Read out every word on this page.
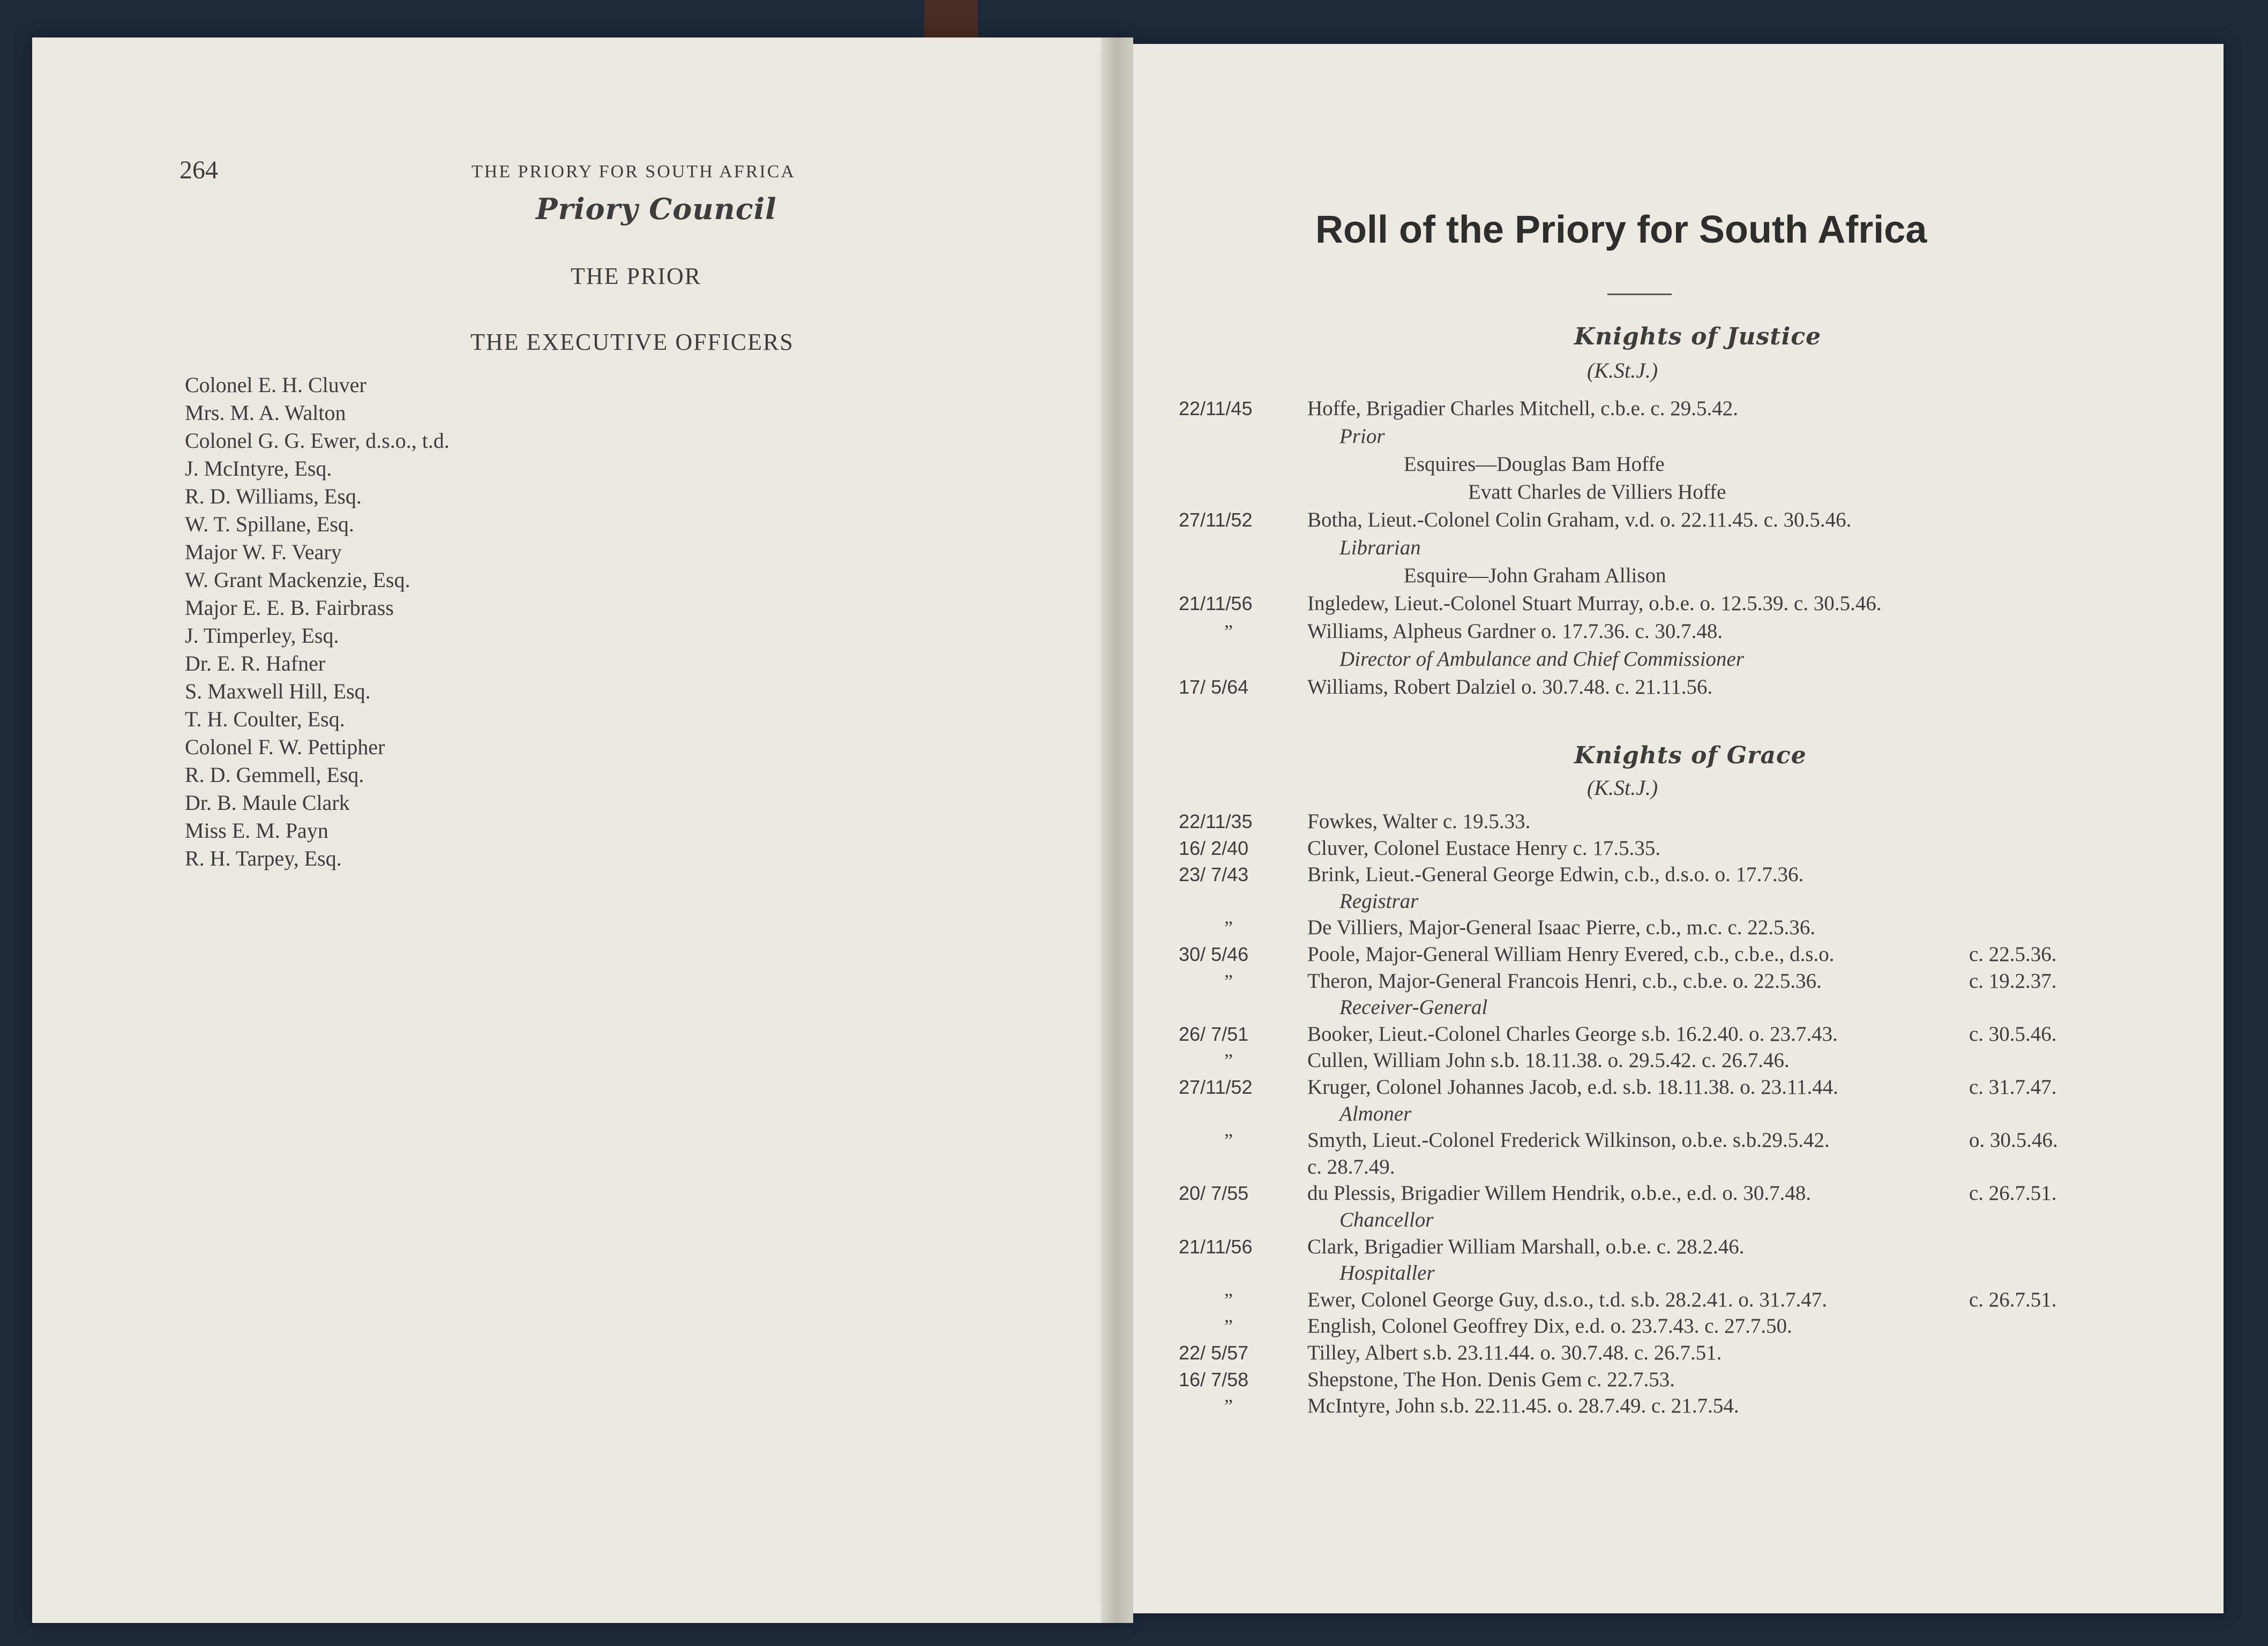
264	THE PRIORY FOR SOUTH AFRICA
Priory Council
THE PRIOR
THE EXECUTIVE OFFICERS
Colonel E. H. Cluver
Mrs. M. A. Walton
Colonel G. G. Ewer, d.s.o., t.d.
J. McIntyre, Esq.
R. D. Williams, Esq.
W. T. Spillane, Esq.
Major W. F. Veary
W. Grant Mackenzie, Esq.
Major E. E. B. Fairbrass
J. Timperley, Esq.
Dr. E. R. Hafner
S. Maxwell Hill, Esq.
T. H. Coulter, Esq.
Colonel F. W. Pettipher
R. D. Gemmell, Esq.
Dr. B. Maule Clark
Miss E. M. Payn
R. H. Tarpey, Esq.
Roll of the Priory for South Africa
Knights of Justice
(K.St.J.)
22/11/45	Hoffe, Brigadier Charles Mitchell, c.b.e. c. 29.5.42.
Prior
Esquires—Douglas Bam Hoffe
Evatt Charles de Villiers Hoffe
27/11/52	Botha, Lieut.-Colonel Colin Graham, v.d. o. 22.11.45. c. 30.5.46.
Librarian
Esquire—John Graham Allison
21/11/56	Ingledew, Lieut.-Colonel Stuart Murray, o.b.e. o. 12.5.39. c. 30.5.46.
”	Williams, Alpheus Gardner o. 17.7.36. c. 30.7.48.
Director of Ambulance and Chief Commissioner
17/ 5/64	Williams, Robert Dalziel o. 30.7.48. c. 21.11.56.
Knights of Grace
(K.St.J.)
22/11/35	Fowkes, Walter c. 19.5.33.
16/ 2/40	Cluver, Colonel Eustace Henry c. 17.5.35.
23/ 7/43	Brink, Lieut.-General George Edwin, c.b., d.s.o. o. 17.7.36.
Registrar
”	De Villiers, Major-General Isaac Pierre, c.b., m.c. c. 22.5.36.
30/ 5/46	Poole, Major-General William Henry Evered, c.b., c.b.e., d.s.o.	c. 22.5.36.
”	Theron, Major-General Francois Henri, c.b., c.b.e. o. 22.5.36.	c. 19.2.37.
Receiver-General
26/ 7/51	Booker, Lieut.-Colonel Charles George s.b. 16.2.40. o. 23.7.43.	c. 30.5.46.
”	Cullen, William John s.b. 18.11.38. o. 29.5.42. c. 26.7.46.
27/11/52	Kruger, Colonel Johannes Jacob, e.d. s.b. 18.11.38. o. 23.11.44.	c. 31.7.47.
Almoner
”	Smyth, Lieut.-Colonel Frederick Wilkinson, o.b.e. s.b.29.5.42.	o. 30.5.46.
c. 28.7.49.
20/ 7/55	du Plessis, Brigadier Willem Hendrik, o.b.e., e.d. o. 30.7.48.	c. 26.7.51.
Chancellor
21/11/56	Clark, Brigadier William Marshall, o.b.e. c. 28.2.46.
Hospitaller
”	Ewer, Colonel George Guy, d.s.o., t.d. s.b. 28.2.41. o. 31.7.47.	c. 26.7.51.
”	English, Colonel Geoffrey Dix, e.d. o. 23.7.43. c. 27.7.50.
22/ 5/57	Tilley, Albert s.b. 23.11.44. o. 30.7.48. c. 26.7.51.
16/ 7/58	Shepstone, The Hon. Denis Gem c. 22.7.53.
”	McIntyre, John s.b. 22.11.45. o. 28.7.49. c. 21.7.54.
